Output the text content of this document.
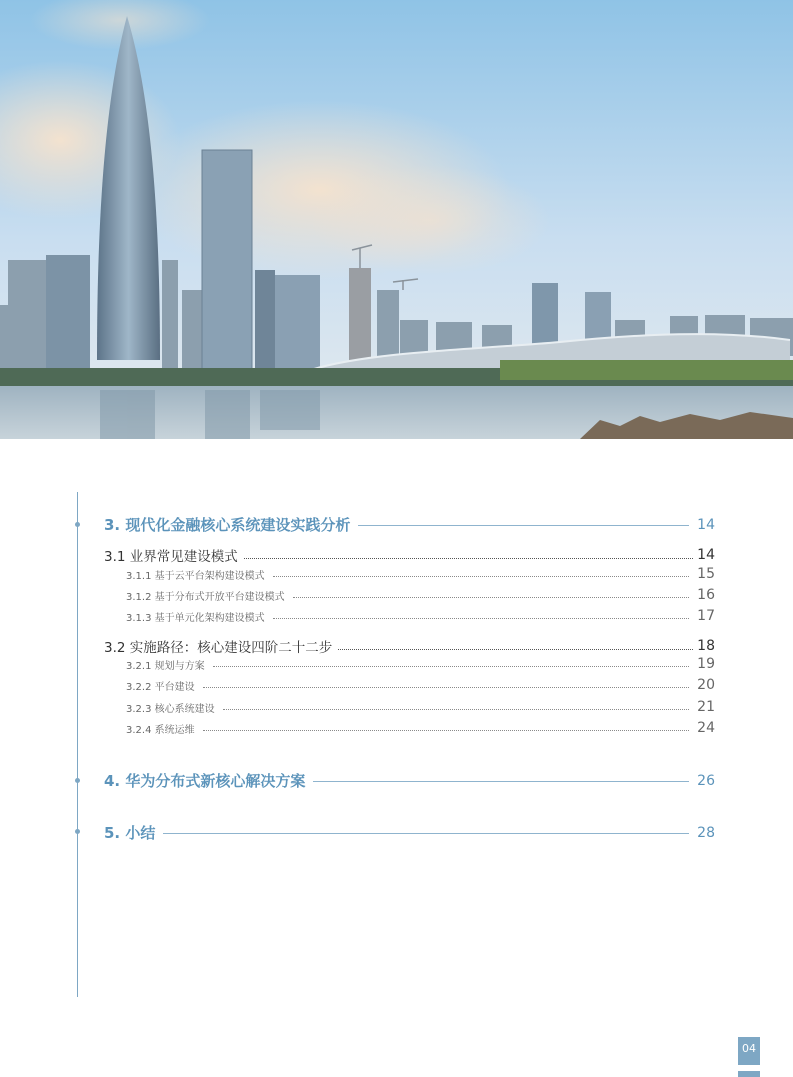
3. 现代化金融核心系统建设实践分析	14
3.1 业界常见建设模式	14
3.1.1 基于云平台架构建设模式	15
3.1.2 基于分布式开放平台建设模式	16
3.1.3 基于单元化架构建设模式	17
3.2 实施路径：核心建设四阶二十二步	18
3.2.1 规划与方案	19
3.2.2 平台建设	20
3.2.3 核心系统建设	21
3.2.4 系统运维	24
4. 华为分布式新核心解决方案	26
5. 小结	28
04
